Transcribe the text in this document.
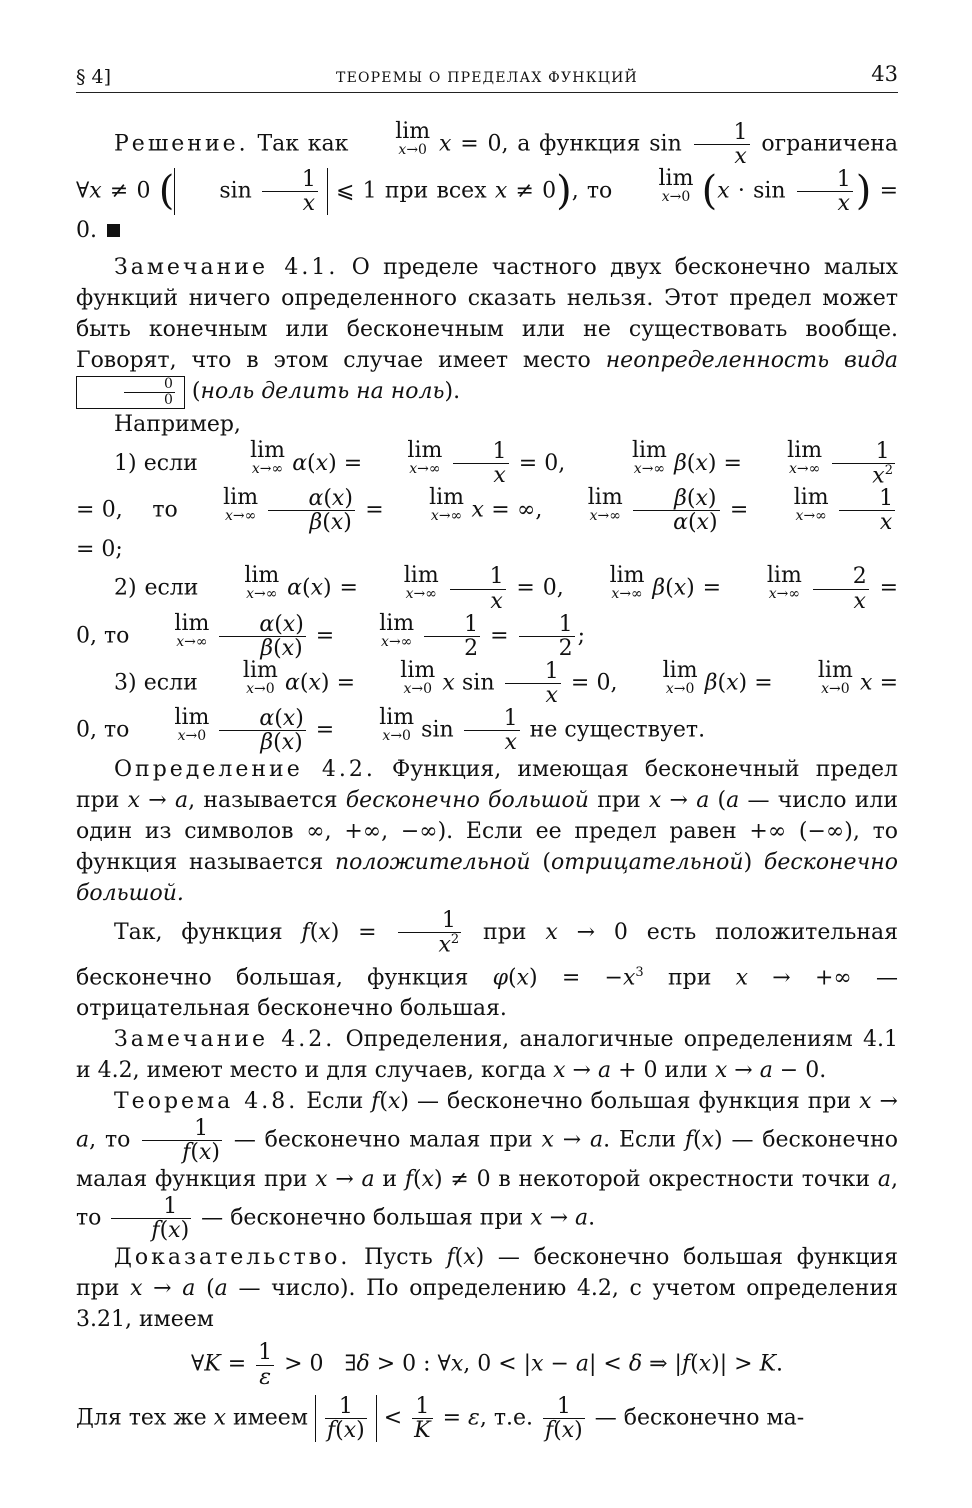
§ 4]	ТЕОРЕМЫ О ПРЕДЕЛАХ ФУНКЦИЙ	43

Решение. Так как
lim
x→0 x = 0, а функция $\sin \frac{1}{x}$ ограничена ∀x ≠ 0 ( $\sin \frac{1}{x}$ ⩽ 1 при всех x ≠ 0), то
lim
x→0 ($x \cdot \sin \frac{1}{x}$ ) = 0.

Замечание 4.1. О пределе частного двух бесконечно малых функций ничего определенного сказать нельзя. Этот предел может быть конечным или бесконечным или не существовать вообще. Говорят, что в этом случае имеет место неопределенность вида
$\frac{0}{0}$ (ноль делить на ноль).

Например,

1) если
lim
x→∞ α(x) =
lim
x→∞
$\frac{1}{x} = 0$,
lim
x→∞ β(x) =
lim
x→∞
$\frac{1}{x^2}$
= 0,    то
lim
x→∞
$\frac{\alpha(x)}{\beta(x)}$ =
lim
x→∞ x = ∞,
lim
x→∞
$\frac{\beta(x)}{\alpha(x)}$ =
lim
x→∞
$\frac{1}{x}$
= 0;

2) если
lim
x→∞ α(x) =
lim
x→∞
$\frac{1}{x} = 0$,
lim
x→∞ β(x) =
lim
x→∞
$\frac{2}{x} = 0$, то
lim
x→∞
$\frac{\alpha(x)}{\beta(x)}$ =
lim
x→∞
$\frac{1}{2} = \frac{1}{2}$ ;

3) если
lim
x→0 α(x) =
lim
x→0 x $\sin \frac{1}{x} = 0$,
lim
x→0 β(x) =
lim
x→0 x = 0, то
lim
x→0
$\frac{\alpha(x)}{\beta(x)}$ =
lim
x→0 $\sin \frac{1}{x}$ не существует.

Определение 4.2. Функция, имеющая бесконечный предел при x → a, называется бесконечно большой при x → a (a — число или один из символов ∞, +∞, −∞). Если ее предел равен +∞ (−∞), то функция называется положительной (отрицательной) бесконечно большой.

Так, функция $f(x) = \frac{1}{x^2}$ при x → 0 есть положительная бесконечно большая, функция $\varphi(x) = -x^3$ при x → +∞ — отрицательная бесконечно большая.

Замечание 4.2. Определения, аналогичные определениям 4.1 и 4.2, имеют место и для случаев, когда x → a + 0 или x → a − 0.

Теорема 4.8. Если f(x) — бесконечно большая функция при x → a, то $\frac{1}{f(x)}$ — бесконечно малая при x → a. Если f(x) — бесконечно малая функция при x → a и f(x) ≠ 0 в некоторой окрестности точки a, то $\frac{1}{f(x)}$ — бесконечно большая при x → a.

Доказательство. Пусть f(x) — бесконечно большая функция при x → a (a — число). По определению 4.2, с учетом определения 3.21, имеем

∀K = $\frac{1}{\varepsilon} > 0$   ∃δ > 0 : ∀x, 0 < |x − a| < δ ⇒ |f(x)| > K.

Для тех же x имеем $\frac{1}{f(x)} < \frac{1}{K} = \varepsilon$, т.е. $\frac{1}{f(x)}$ — бесконечно ма-
